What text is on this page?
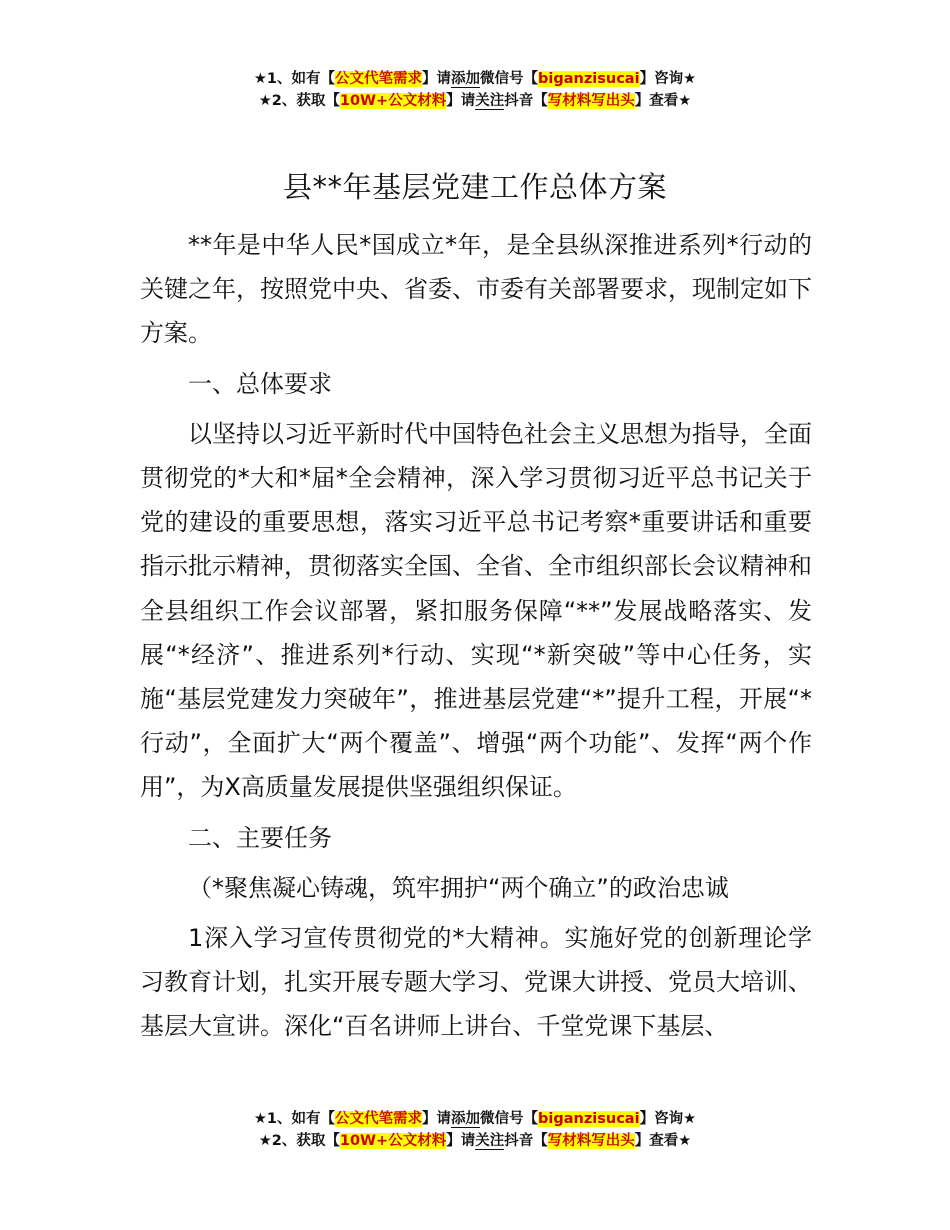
★1、如有【公文代笔需求】请添加微信号【biganzisucai】咨询★
★2、获取【10W+公文材料】请关注抖音【写材料写出头】查看★
县**年基层党建工作总体方案

**年是中华人民*国成立*年，是全县纵深推进系列*行动的关键之年，按照党中央、省委、市委有关部署要求，现制定如下方案。

一、总体要求

以坚持以习近平新时代中国特色社会主义思想为指导，全面贯彻党的*大和*届*全会精神，深入学习贯彻习近平总书记关于党的建设的重要思想，落实习近平总书记考察*重要讲话和重要指示批示精神，贯彻落实全国、全省、全市组织部长会议精神和全县组织工作会议部署，紧扣服务保障“**”发展战略落实、发展“*经济”、推进系列*行动、实现“*新突破”等中心任务，实施“基层党建发力突破年”，推进基层党建“*”提升工程，开展“*行动”，全面扩大“两个覆盖”、增强“两个功能”、发挥“两个作用”，为X高质量发展提供坚强组织保证。

二、主要任务

（*聚焦凝心铸魂，筑牢拥护“两个确立”的政治忠诚

1深入学习宣传贯彻党的*大精神。实施好党的创新理论学习教育计划，扎实开展专题大学习、党课大讲授、党员大培训、基层大宣讲。深化“百名讲师上讲台、千堂党课下基层、

★1、如有【公文代笔需求】请添加微信号【biganzisucai】咨询★
★2、获取【10W+公文材料】请关注抖音【写材料写出头】查看★
